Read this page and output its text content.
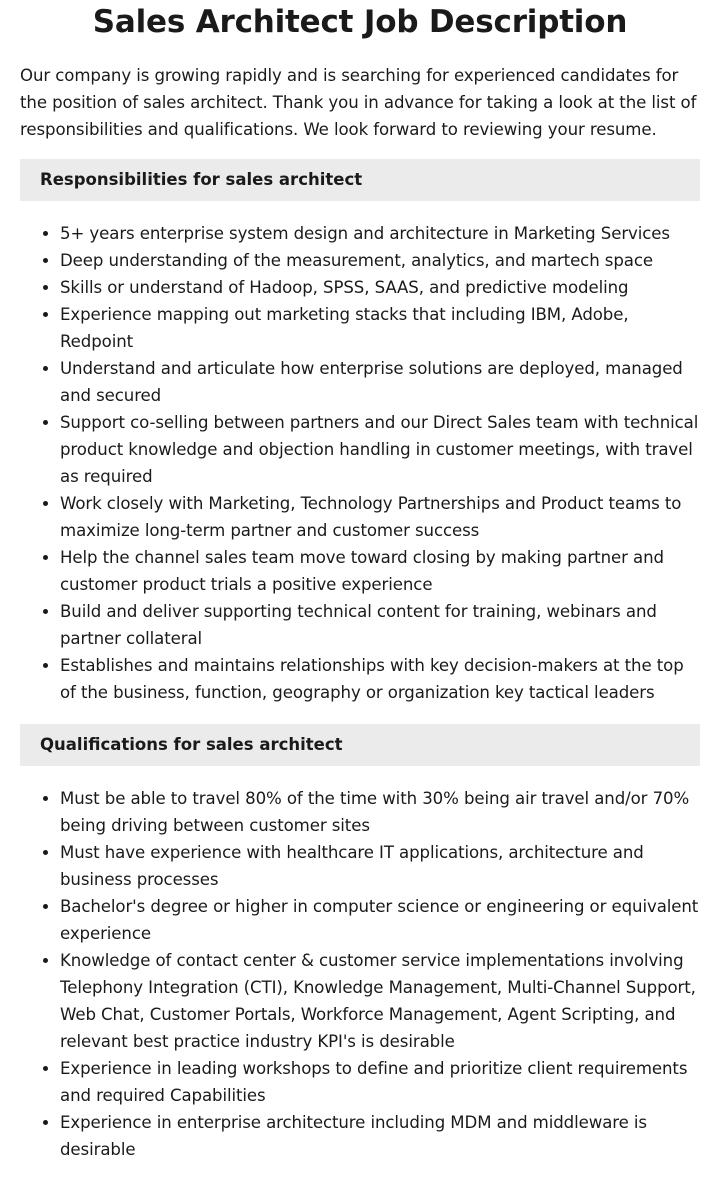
Sales Architect Job Description

Our company is growing rapidly and is searching for experienced candidates for the position of sales architect. Thank you in advance for taking a look at the list of responsibilities and qualifications. We look forward to reviewing your resume.

Responsibilities for sales architect
• 5+ years enterprise system design and architecture in Marketing Services
• Deep understanding of the measurement, analytics, and martech space
• Skills or understand of Hadoop, SPSS, SAAS, and predictive modeling
• Experience mapping out marketing stacks that including IBM, Adobe, Redpoint
• Understand and articulate how enterprise solutions are deployed, managed and secured
• Support co-selling between partners and our Direct Sales team with technical product knowledge and objection handling in customer meetings, with travel as required
• Work closely with Marketing, Technology Partnerships and Product teams to maximize long-term partner and customer success
• Help the channel sales team move toward closing by making partner and customer product trials a positive experience
• Build and deliver supporting technical content for training, webinars and partner collateral
• Establishes and maintains relationships with key decision-makers at the top of the business, function, geography or organization key tactical leaders
Qualifications for sales architect
• Must be able to travel 80% of the time with 30% being air travel and/or 70% being driving between customer sites
• Must have experience with healthcare IT applications, architecture and business processes
• Bachelor's degree or higher in computer science or engineering or equivalent experience
• Knowledge of contact center & customer service implementations involving Telephony Integration (CTI), Knowledge Management, Multi-Channel Support, Web Chat, Customer Portals, Workforce Management, Agent Scripting, and relevant best practice industry KPI's is desirable
• Experience in leading workshops to define and prioritize client requirements and required Capabilities
• Experience in enterprise architecture including MDM and middleware is desirable
